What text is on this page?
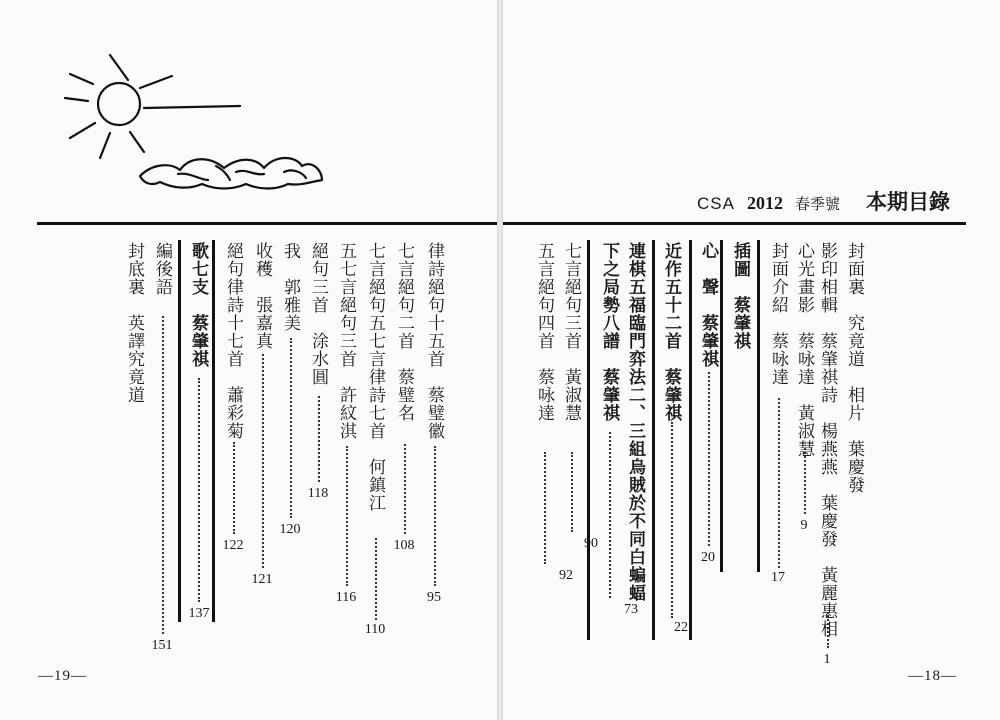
CSA 2012 春季號 本期目錄
封面裏　究竟道　相片　葉慶發
影印相輯　蔡肇祺詩　楊燕燕　葉慶發　黃麗惠相
1
心光畫影　蔡咏達　黃淑慧
9
封面介紹　蔡咏達
17
插圖　蔡肇祺
心　聲　蔡肇祺
20
近作五十二首　蔡肇祺
22
連棋五福臨門弈法二、三組烏賊於不同白蝙蝠
下之局勢八譜　蔡肇祺
73
七言絕句三首　黃淑慧
90
五言絕句四首　蔡咏達
92
律詩絕句十五首　蔡璧徽
95
七言絕句二首　蔡璧名
108
七言絕句五七言律詩七首　何鎮江
110
五七言絕句三首　許紋淇
116
絕句三首　涂水圓
118
我　郭雅美
120
收穫　張嘉真
121
絕句律詩十七首　蕭彩菊
122
歌七支　蔡肇祺
137
編後語
151
封底裏　英譯究竟道
—19—	—18—
